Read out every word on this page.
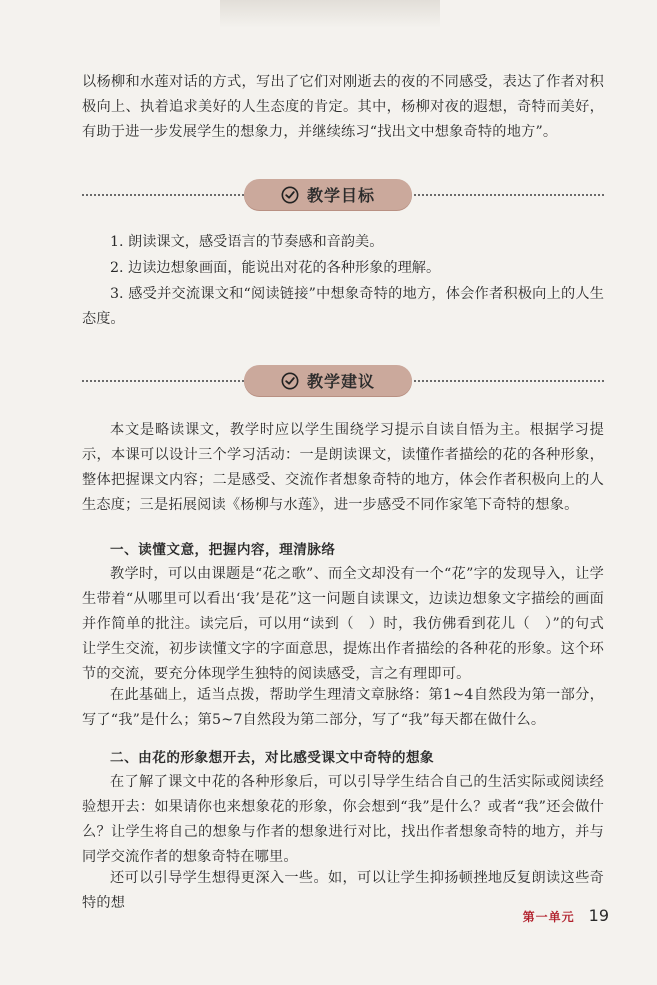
以杨柳和水莲对话的方式，写出了它们对刚逝去的夜的不同感受，表达了作者对积极向上、执着追求美好的人生态度的肯定。其中，杨柳对夜的遐想，奇特而美好，有助于进一步发展学生的想象力，并继续练习“找出文中想象奇特的地方”。

教学目标

1. 朗读课文，感受语言的节奏感和音韵美。

2. 边读边想象画面，能说出对花的各种形象的理解。

3. 感受并交流课文和“阅读链接”中想象奇特的地方，体会作者积极向上的人生态度。

教学建议

本文是略读课文，教学时应以学生围绕学习提示自读自悟为主。根据学习提示，本课可以设计三个学习活动：一是朗读课文，读懂作者描绘的花的各种形象，整体把握课文内容；二是感受、交流作者想象奇特的地方，体会作者积极向上的人生态度；三是拓展阅读《杨柳与水莲》，进一步感受不同作家笔下奇特的想象。

一、读懂文意，把握内容，理清脉络

教学时，可以由课题是“花之歌”、而全文却没有一个“花”字的发现导入，让学生带着“从哪里可以看出‘我’是花”这一问题自读课文，边读边想象文字描绘的画面并作简单的批注。读完后，可以用“读到（　）时，我仿佛看到花儿（　）”的句式让学生交流，初步读懂文字的字面意思，提炼出作者描绘的各种花的形象。这个环节的交流，要充分体现学生独特的阅读感受，言之有理即可。

在此基础上，适当点拨，帮助学生理清文章脉络：第1~4自然段为第一部分，写了“我”是什么；第5~7自然段为第二部分，写了“我”每天都在做什么。

二、由花的形象想开去，对比感受课文中奇特的想象

在了解了课文中花的各种形象后，可以引导学生结合自己的生活实际或阅读经验想开去：如果请你也来想象花的形象，你会想到“我”是什么？或者“我”还会做什么？让学生将自己的想象与作者的想象进行对比，找出作者想象奇特的地方，并与同学交流作者的想象奇特在哪里。

还可以引导学生想得更深入一些。如，可以让学生抑扬顿挫地反复朗读这些奇特的想

第一单元 19
